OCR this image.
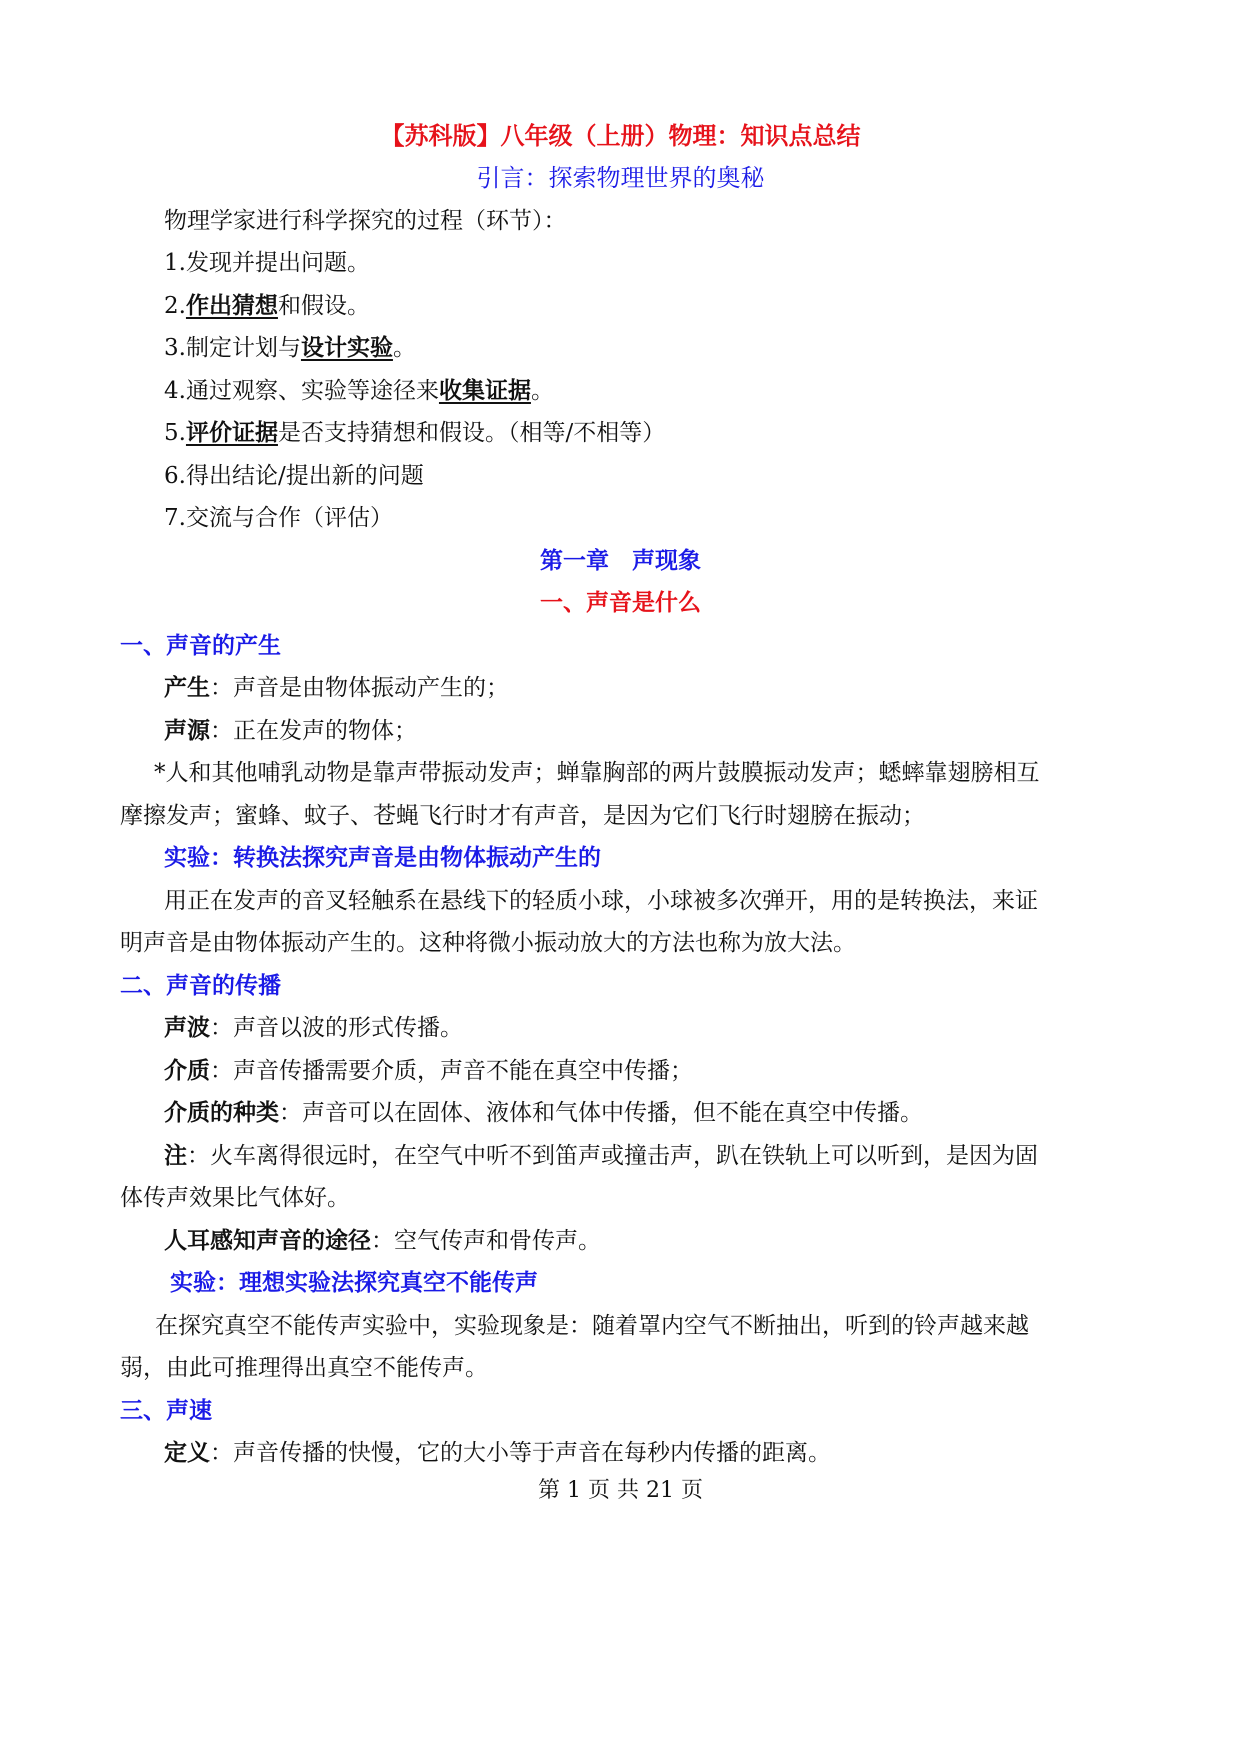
【苏科版】八年级（上册）物理：知识点总结
引言：探索物理世界的奥秘
物理学家进行科学探究的过程（环节）：
1.发现并提出问题。
2.作出猜想和假设。
3.制定计划与设计实验。
4.通过观察、实验等途径来收集证据。
5.评价证据是否支持猜想和假设。（相等/不相等）
6.得出结论/提出新的问题
7.交流与合作（评估）
第一章　声现象
一、声音是什么
一、声音的产生
产生：声音是由物体振动产生的；
声源：正在发声的物体；
*人和其他哺乳动物是靠声带振动发声；蝉靠胸部的两片鼓膜振动发声；蟋蟀靠翅膀相互
摩擦发声；蜜蜂、蚊子、苍蝇飞行时才有声音，是因为它们飞行时翅膀在振动；
实验：转换法探究声音是由物体振动产生的
用正在发声的音叉轻触系在悬线下的轻质小球，小球被多次弹开，用的是转换法，来证
明声音是由物体振动产生的。这种将微小振动放大的方法也称为放大法。
二、声音的传播
声波：声音以波的形式传播。
介质：声音传播需要介质，声音不能在真空中传播；
介质的种类：声音可以在固体、液体和气体中传播，但不能在真空中传播。
注：火车离得很远时，在空气中听不到笛声或撞击声，趴在铁轨上可以听到，是因为固
体传声效果比气体好。
人耳感知声音的途径：空气传声和骨传声。
实验：理想实验法探究真空不能传声
在探究真空不能传声实验中，实验现象是：随着罩内空气不断抽出，听到的铃声越来越
弱，由此可推理得出真空不能传声。
三、声速
定义：声音传播的快慢，它的大小等于声音在每秒内传播的距离。
第 1 页 共 21 页
